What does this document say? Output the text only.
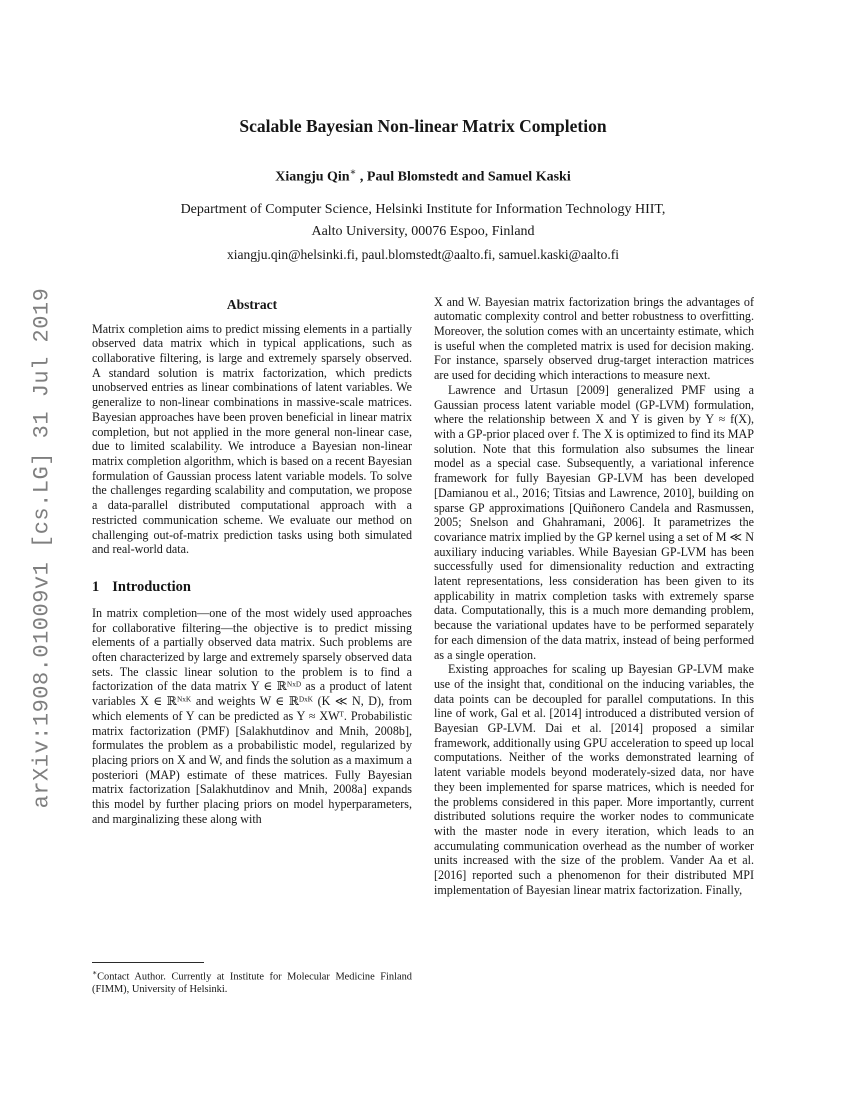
arXiv:1908.01009v1 [cs.LG] 31 Jul 2019
Scalable Bayesian Non-linear Matrix Completion
Xiangju Qin∗ , Paul Blomstedt and Samuel Kaski
Department of Computer Science, Helsinki Institute for Information Technology HIIT,
Aalto University, 00076 Espoo, Finland
xiangju.qin@helsinki.fi, paul.blomstedt@aalto.fi, samuel.kaski@aalto.fi
Abstract
Matrix completion aims to predict missing elements in a partially observed data matrix which in typical applications, such as collaborative filtering, is large and extremely sparsely observed. A standard solution is matrix factorization, which predicts unobserved entries as linear combinations of latent variables. We generalize to non-linear combinations in massive-scale matrices. Bayesian approaches have been proven beneficial in linear matrix completion, but not applied in the more general non-linear case, due to limited scalability. We introduce a Bayesian non-linear matrix completion algorithm, which is based on a recent Bayesian formulation of Gaussian process latent variable models. To solve the challenges regarding scalability and computation, we propose a data-parallel distributed computational approach with a restricted communication scheme. We evaluate our method on challenging out-of-matrix prediction tasks using both simulated and real-world data.
1 Introduction

In matrix completion—one of the most widely used approaches for collaborative filtering—the objective is to predict missing elements of a partially observed data matrix. Such problems are often characterized by large and extremely sparsely observed data sets. The classic linear solution to the problem is to find a factorization of the data matrix Y ∈ ℝᴺˣᴰ as a product of latent variables X ∈ ℝᴺˣᴷ and weights W ∈ ℝᴰˣᴷ (K ≪ N, D), from which elements of Y can be predicted as Y ≈ XWᵀ. Probabilistic matrix factorization (PMF) [Salakhutdinov and Mnih, 2008b], formulates the problem as a probabilistic model, regularized by placing priors on X and W, and finds the solution as a maximum a posteriori (MAP) estimate of these matrices. Fully Bayesian matrix factorization [Salakhutdinov and Mnih, 2008a] expands this model by further placing priors on model hyperparameters, and marginalizing these along with

∗Contact Author. Currently at Institute for Molecular Medicine Finland (FIMM), University of Helsinki.

X and W. Bayesian matrix factorization brings the advantages of automatic complexity control and better robustness to overfitting. Moreover, the solution comes with an uncertainty estimate, which is useful when the completed matrix is used for decision making. For instance, sparsely observed drug-target interaction matrices are used for deciding which interactions to measure next.

Lawrence and Urtasun [2009] generalized PMF using a Gaussian process latent variable model (GP-LVM) formulation, where the relationship between X and Y is given by Y ≈ f(X), with a GP-prior placed over f. The X is optimized to find its MAP solution. Note that this formulation also subsumes the linear model as a special case. Subsequently, a variational inference framework for fully Bayesian GP-LVM has been developed [Damianou et al., 2016; Titsias and Lawrence, 2010], building on sparse GP approximations [Quiñonero Candela and Rasmussen, 2005; Snelson and Ghahramani, 2006]. It parametrizes the covariance matrix implied by the GP kernel using a set of M ≪ N auxiliary inducing variables. While Bayesian GP-LVM has been successfully used for dimensionality reduction and extracting latent representations, less consideration has been given to its applicability in matrix completion tasks with extremely sparse data. Computationally, this is a much more demanding problem, because the variational updates have to be performed separately for each dimension of the data matrix, instead of being performed as a single operation.

Existing approaches for scaling up Bayesian GP-LVM make use of the insight that, conditional on the inducing variables, the data points can be decoupled for parallel computations. In this line of work, Gal et al. [2014] introduced a distributed version of Bayesian GP-LVM. Dai et al. [2014] proposed a similar framework, additionally using GPU acceleration to speed up local computations. Neither of the works demonstrated learning of latent variable models beyond moderately-sized data, nor have they been implemented for sparse matrices, which is needed for the problems considered in this paper. More importantly, current distributed solutions require the worker nodes to communicate with the master node in every iteration, which leads to an accumulating communication overhead as the number of worker units increased with the size of the problem. Vander Aa et al. [2016] reported such a phenomenon for their distributed MPI implementation of Bayesian linear matrix factorization. Finally,
